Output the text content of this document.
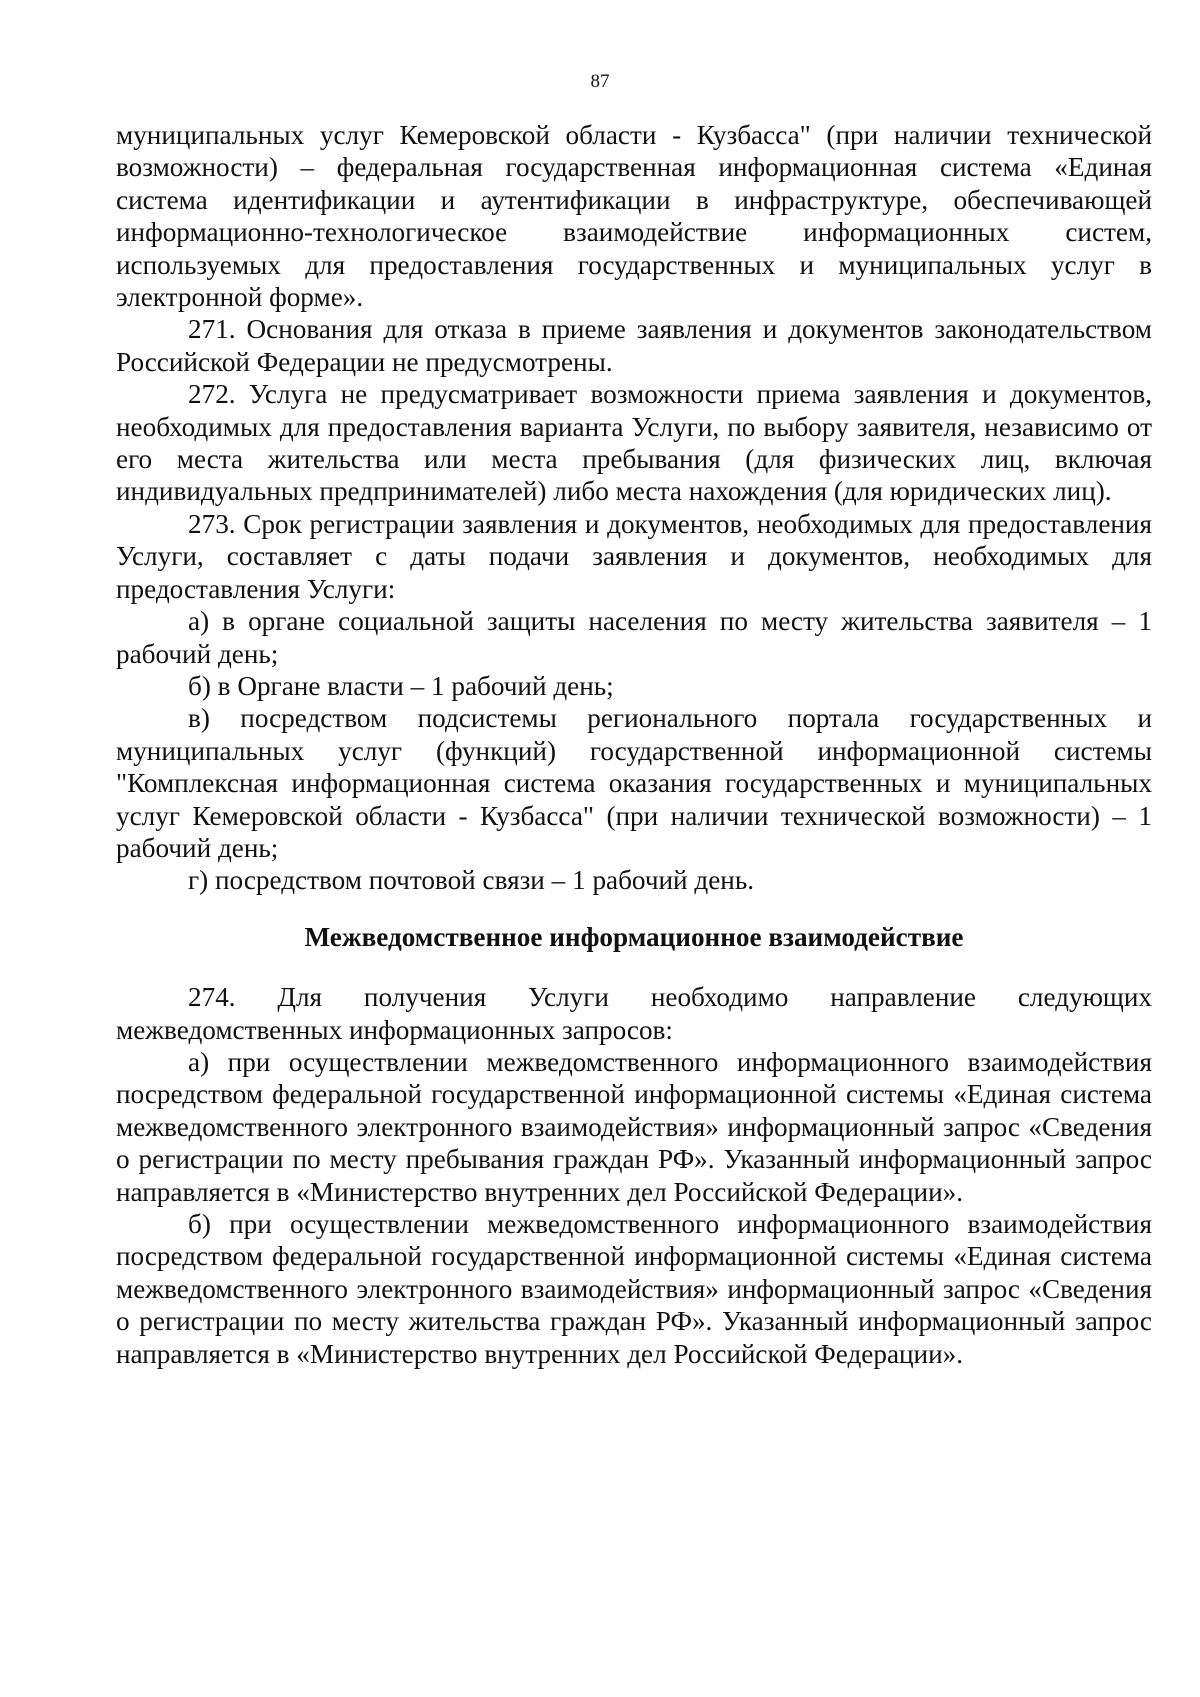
87

муниципальных услуг Кемеровской области - Кузбасса" (при наличии технической возможности) – федеральная государственная информационная система «Единая система идентификации и аутентификации в инфраструктуре, обеспечивающей информационно-технологическое взаимодействие информационных систем, используемых для предоставления государственных и муниципальных услуг в электронной форме».

271. Основания для отказа в приеме заявления и документов законодательством Российской Федерации не предусмотрены.

272. Услуга не предусматривает возможности приема заявления и документов, необходимых для предоставления варианта Услуги, по выбору заявителя, независимо от его места жительства или места пребывания (для физических лиц, включая индивидуальных предпринимателей) либо места нахождения (для юридических лиц).

273. Срок регистрации заявления и документов, необходимых для предоставления Услуги, составляет с даты подачи заявления и документов, необходимых для предоставления Услуги:

а) в органе социальной защиты населения по месту жительства заявителя – 1 рабочий день;

б) в Органе власти – 1 рабочий день;

в) посредством подсистемы регионального портала государственных и муниципальных услуг (функций) государственной информационной системы "Комплексная информационная система оказания государственных и муниципальных услуг Кемеровской области - Кузбасса" (при наличии технической возможности) – 1 рабочий день;

г) посредством почтовой связи – 1 рабочий день.

Межведомственное информационное взаимодействие

274. Для получения Услуги необходимо направление следующих межведомственных информационных запросов:

а) при осуществлении межведомственного информационного взаимодействия посредством федеральной государственной информационной системы «Единая система межведомственного электронного взаимодействия» информационный запрос «Сведения о регистрации по месту пребывания граждан РФ». Указанный информационный запрос направляется в «Министерство внутренних дел Российской Федерации».

б) при осуществлении межведомственного информационного взаимодействия посредством федеральной государственной информационной системы «Единая система межведомственного электронного взаимодействия» информационный запрос «Сведения о регистрации по месту жительства граждан РФ». Указанный информационный запрос направляется в «Министерство внутренних дел Российской Федерации».
